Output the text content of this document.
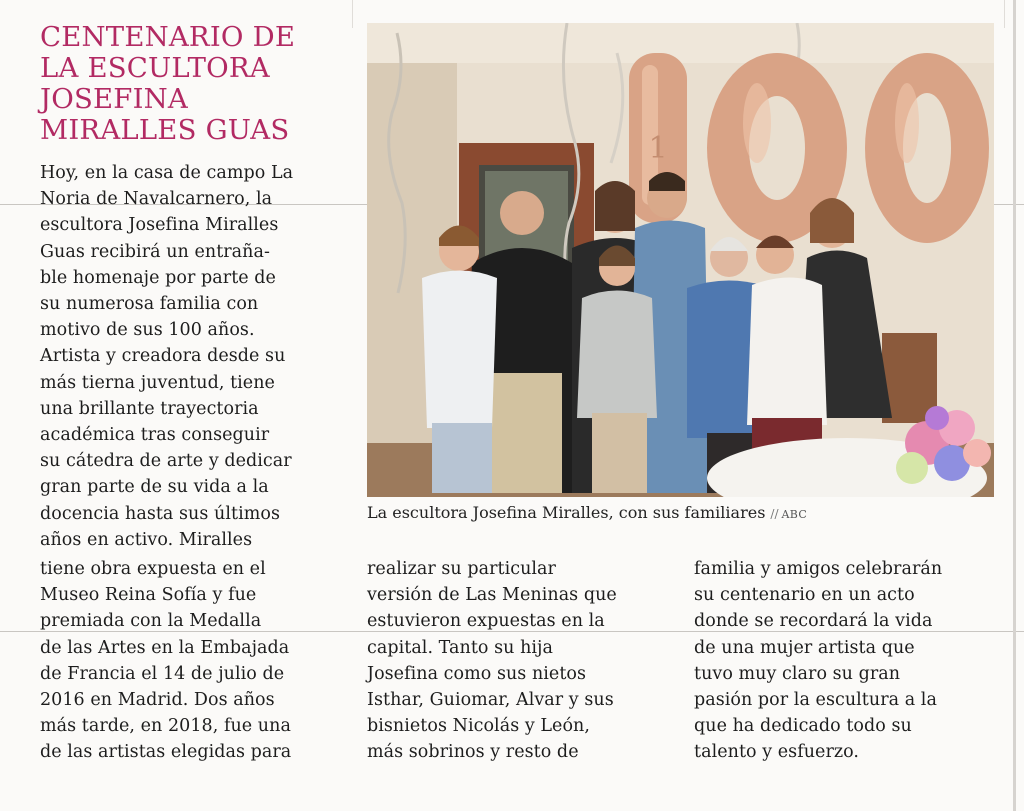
CENTENARIO DE
LA ESCULTORA
JOSEFINA
MIRALLES GUAS
Hoy, en la casa de campo La
Noria de Navalcarnero, la
escultora Josefina Miralles
Guas recibirá un entraña-
ble homenaje por parte de
su numerosa familia con
motivo de sus 100 años.
Artista y creadora desde su
más tierna juventud, tiene
una brillante trayectoria
académica tras conseguir
su cátedra de arte y dedicar
gran parte de su vida a la
docencia hasta sus últimos
años en activo. Miralles
1
La escultora Josefina Miralles, con sus familiares // ABC
tiene obra expuesta en el
Museo Reina Sofía y fue
premiada con la Medalla
de las Artes en la Embajada
de Francia el 14 de julio de
2016 en Madrid. Dos años
más tarde, en 2018, fue una
de las artistas elegidas para
realizar su particular
versión de Las Meninas que
estuvieron expuestas en la
capital. Tanto su hija
Josefina como sus nietos
Isthar, Guiomar, Alvar y sus
bisnietos Nicolás y León,
más sobrinos y resto de
familia y amigos celebrarán
su centenario en un acto
donde se recordará la vida
de una mujer artista que
tuvo muy claro su gran
pasión por la escultura a la
que ha dedicado todo su
talento y esfuerzo.
